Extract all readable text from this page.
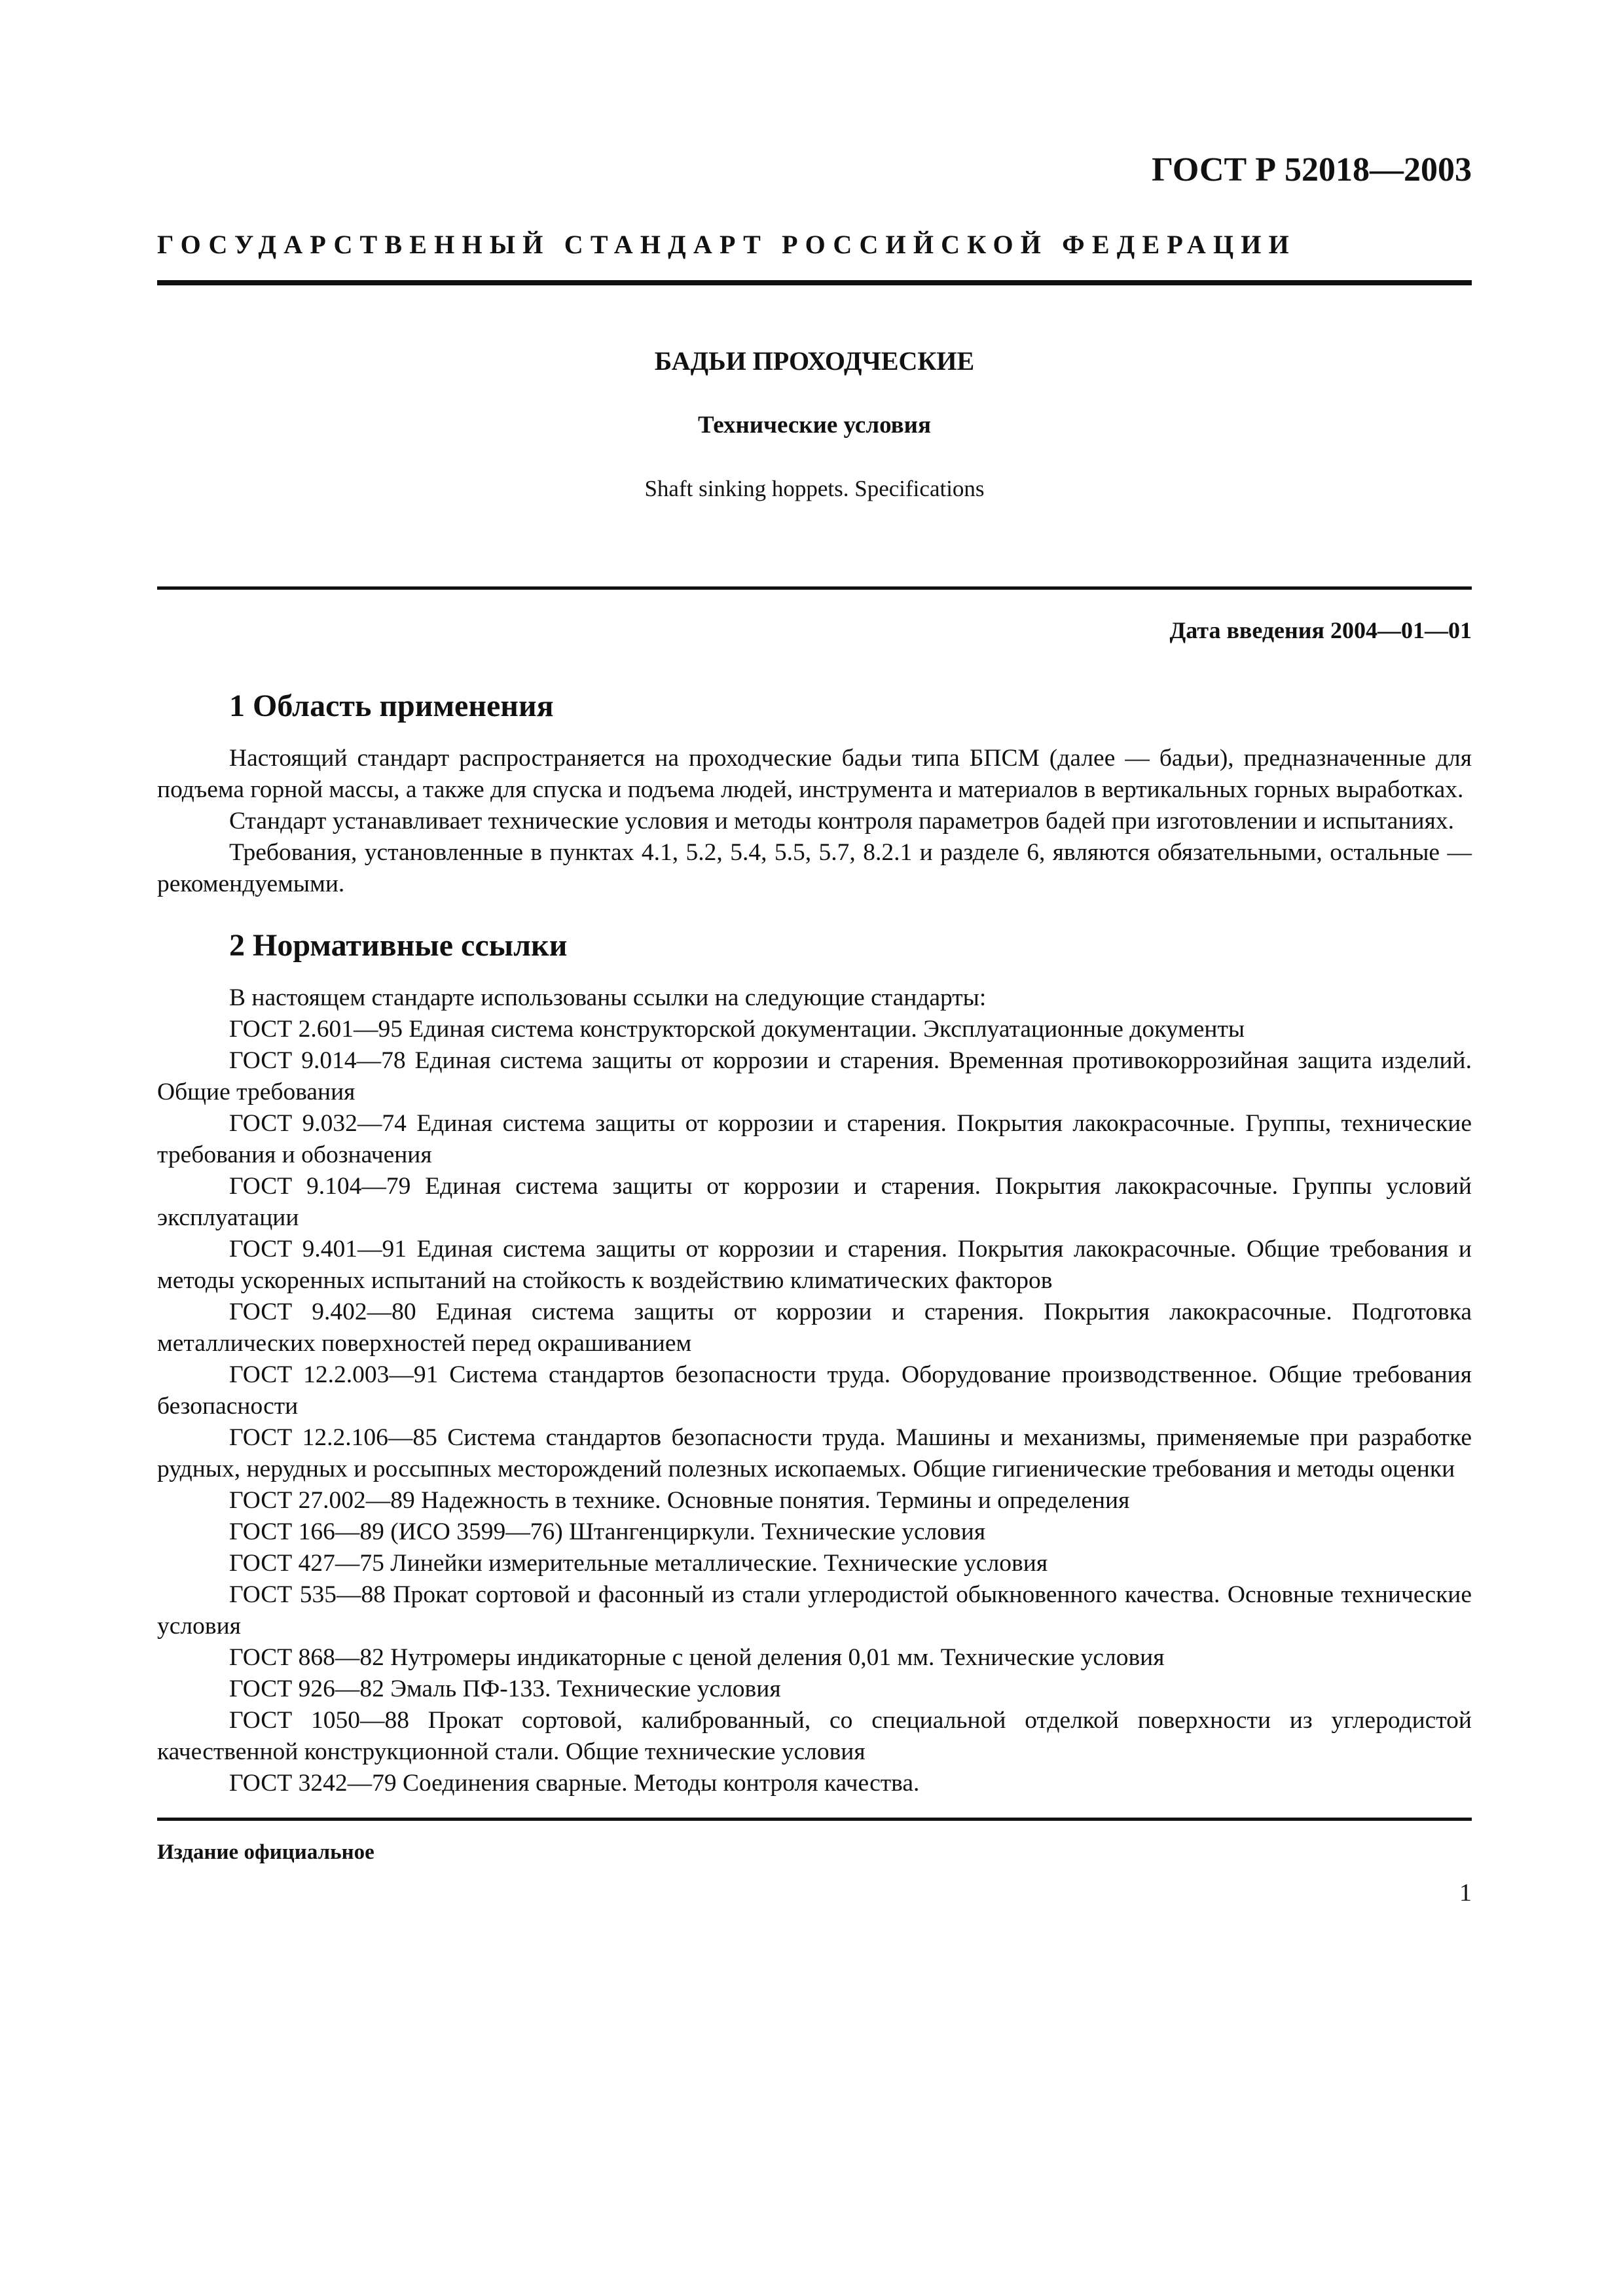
ГОСТ Р 52018—2003
ГОСУДАРСТВЕННЫЙ СТАНДАРТ РОССИЙСКОЙ ФЕДЕРАЦИИ
БАДЬИ ПРОХОДЧЕСКИЕ
Технические условия
Shaft sinking hoppets. Specifications
Дата введения 2004—01—01
1 Область применения

Настоящий стандарт распространяется на проходческие бадьи типа БПСМ (далее — бадьи), предназначенные для подъема горной массы, а также для спуска и подъема людей, инструмента и материалов в вертикальных горных выработках.

Стандарт устанавливает технические условия и методы контроля параметров бадей при изготовлении и испытаниях.

Требования, установленные в пунктах 4.1, 5.2, 5.4, 5.5, 5.7, 8.2.1 и разделе 6, являются обязательными, остальные — рекомендуемыми.

2 Нормативные ссылки

В настоящем стандарте использованы ссылки на следующие стандарты:

ГОСТ 2.601—95 Единая система конструкторской документации. Эксплуатационные документы

ГОСТ 9.014—78 Единая система защиты от коррозии и старения. Временная противокоррозийная защита изделий. Общие требования

ГОСТ 9.032—74 Единая система защиты от коррозии и старения. Покрытия лакокрасочные. Группы, технические требования и обозначения

ГОСТ 9.104—79 Единая система защиты от коррозии и старения. Покрытия лакокрасочные. Группы условий эксплуатации

ГОСТ 9.401—91 Единая система защиты от коррозии и старения. Покрытия лакокрасочные. Общие требования и методы ускоренных испытаний на стойкость к воздействию климатических факторов

ГОСТ 9.402—80 Единая система защиты от коррозии и старения. Покрытия лакокрасочные. Подготовка металлических поверхностей перед окрашиванием

ГОСТ 12.2.003—91 Система стандартов безопасности труда. Оборудование производственное. Общие требования безопасности

ГОСТ 12.2.106—85 Система стандартов безопасности труда. Машины и механизмы, применяемые при разработке рудных, нерудных и россыпных месторождений полезных ископаемых. Общие гигиенические требования и методы оценки

ГОСТ 27.002—89 Надежность в технике. Основные понятия. Термины и определения

ГОСТ 166—89 (ИСО 3599—76) Штангенциркули. Технические условия

ГОСТ 427—75 Линейки измерительные металлические. Технические условия

ГОСТ 535—88 Прокат сортовой и фасонный из стали углеродистой обыкновенного качества. Основные технические условия

ГОСТ 868—82 Нутромеры индикаторные с ценой деления 0,01 мм. Технические условия

ГОСТ 926—82 Эмаль ПФ-133. Технические условия

ГОСТ 1050—88 Прокат сортовой, калиброванный, со специальной отделкой поверхности из углеродистой качественной конструкционной стали. Общие технические условия

ГОСТ 3242—79 Соединения сварные. Методы контроля качества.

Издание официальное
1
